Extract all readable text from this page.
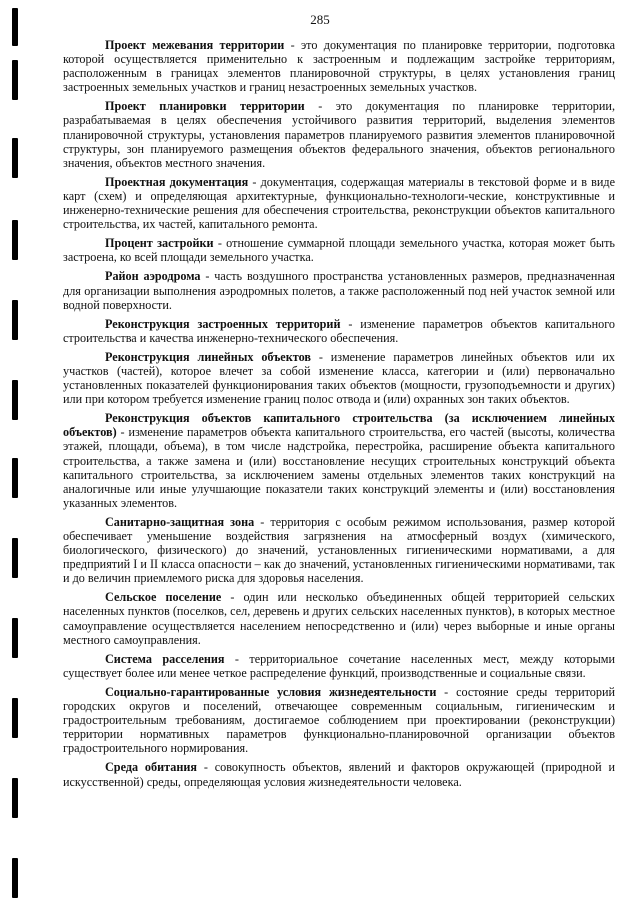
285

Проект межевания территории - это документация по планировке территории, подготовка которой осуществляется применительно к застроенным и подлежащим застройке территориям, расположенным в границах элементов планировочной структуры, в целях установления границ застроенных земельных участков и границ незастроенных земельных участков.

Проект планировки территории - это документация по планировке территории, разрабатываемая в целях обеспечения устойчивого развития территорий, выделения элементов планировочной структуры, установления параметров планируемого развития элементов планировочной структуры, зон планируемого размещения объектов федерального значения, объектов регионального значения, объектов местного значения.

Проектная документация - документация, содержащая материалы в текстовой форме и в виде карт (схем) и определяющая архитектурные, функционально-технологи-ческие, конструктивные и инженерно-технические решения для обеспечения строительства, реконструкции объектов капитального строительства, их частей, капитального ремонта.

Процент застройки - отношение суммарной площади земельного участка, которая может быть застроена, ко всей площади земельного участка.

Район аэродрома - часть воздушного пространства установленных размеров, предназначенная для организации выполнения аэродромных полетов, а также расположенный под ней участок земной или водной поверхности.

Реконструкция застроенных территорий - изменение параметров объектов капитального строительства и качества инженерно-технического обеспечения.

Реконструкция линейных объектов - изменение параметров линейных объектов или их участков (частей), которое влечет за собой изменение класса, категории и (или) первоначально установленных показателей функционирования таких объектов (мощности, грузоподъемности и других) или при котором требуется изменение границ полос отвода и (или) охранных зон таких объектов.

Реконструкция объектов капитального строительства (за исключением линейных объектов) - изменение параметров объекта капитального строительства, его частей (высоты, количества этажей, площади, объема), в том числе надстройка, перестройка, расширение объекта капитального строительства, а также замена и (или) восстановление несущих строительных конструкций объекта капитального строительства, за исключением замены отдельных элементов таких конструкций на аналогичные или иные улучшающие показатели таких конструкций элементы и (или) восстановления указанных элементов.

Санитарно-защитная зона - территория с особым режимом использования, размер которой обеспечивает уменьшение воздействия загрязнения на атмосферный воздух (химического, биологического, физического) до значений, установленных гигиеническими нормативами, а для предприятий I и II класса опасности – как до значений, установленных гигиеническими нормативами, так и до величин приемлемого риска для здоровья населения.

Сельское поселение - один или несколько объединенных общей территорией сельских населенных пунктов (поселков, сел, деревень и других сельских населенных пунктов), в которых местное самоуправление осуществляется населением непосредственно и (или) через выборные и иные органы местного самоуправления.

Система расселения - территориальное сочетание населенных мест, между которыми существует более или менее четкое распределение функций, производственные и социальные связи.

Социально-гарантированные условия жизнедеятельности - состояние среды территорий городских округов и поселений, отвечающее современным социальным, гигиеническим и градостроительным требованиям, достигаемое соблюдением при проектировании (реконструкции) территории нормативных параметров функционально-планировочной организации объектов градостроительного нормирования.

Среда обитания - совокупность объектов, явлений и факторов окружающей (природной и искусственной) среды, определяющая условия жизнедеятельности человека.
